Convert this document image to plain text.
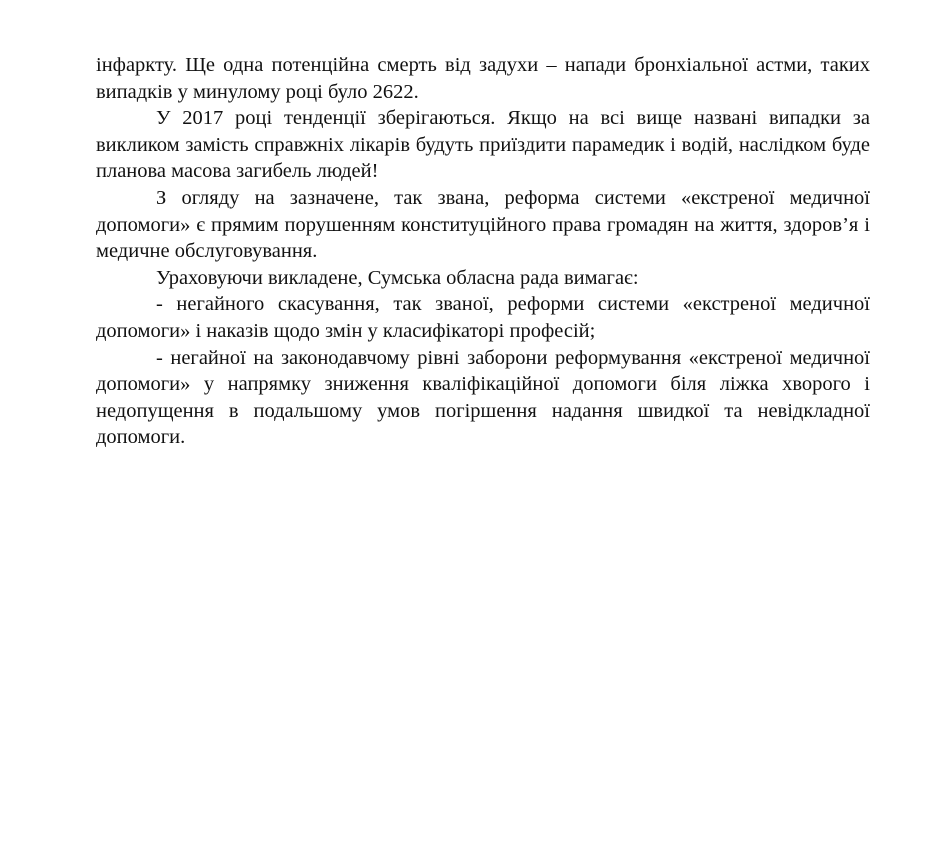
інфаркту. Ще одна потенційна смерть від задухи – напади бронхіальної астми, таких випадків у минулому році було 2622.

У 2017 році тенденції зберігаються. Якщо на всі вище названі випадки за викликом замість справжніх лікарів будуть приїздити парамедик і водій, наслідком буде планова масова загибель людей!

З огляду на зазначене, так звана, реформа системи «екстреної медичної допомоги» є прямим порушенням конституційного права громадян на життя, здоров’я і медичне обслуговування.

Ураховуючи викладене, Сумська обласна рада вимагає:

- негайного скасування, так званої, реформи системи «екстреної медичної допомоги» і наказів щодо змін у класифікаторі професій;

- негайної на законодавчому рівні заборони реформування «екстреної медичної допомоги» у напрямку зниження кваліфікаційної допомоги біля ліжка хворого і недопущення в подальшому умов погіршення надання швидкої та невідкладної допомоги.
